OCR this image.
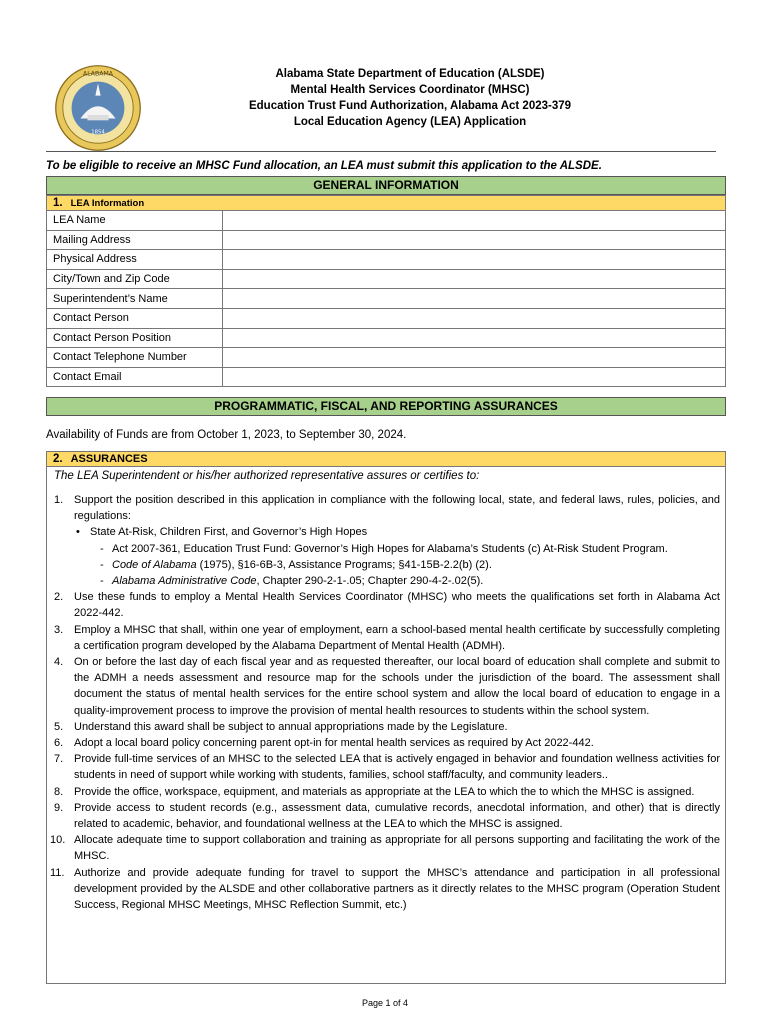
ALABAMA
1854
Alabama State Department of Education (ALSDE)
Mental Health Services Coordinator (MHSC)
Education Trust Fund Authorization, Alabama Act 2023-379
Local Education Agency (LEA) Application
To be eligible to receive an MHSC Fund allocation, an LEA must submit this application to the ALSDE.
GENERAL INFORMATION
1. LEA Information
LEA Name	
Mailing Address	
Physical Address	
City/Town and Zip Code	
Superintendent’s Name	
Contact Person	
Contact Person Position	
Contact Telephone Number	
Contact Email	
PROGRAMMATIC, FISCAL, AND REPORTING ASSURANCES
Availability of Funds are from October 1, 2023, to September 30, 2024.
2. ASSURANCES
The LEA Superintendent or his/her authorized representative assures or certifies to:
1. Support the position described in this application in compliance with the following local, state, and federal laws, rules, policies, and regulations:
• State At-Risk, Children First, and Governor’s High Hopes
- Act 2007-361, Education Trust Fund: Governor’s High Hopes for Alabama’s Students (c) At-Risk Student Program.
- Code of Alabama (1975), §16-6B-3, Assistance Programs; §41-15B-2.2(b) (2).
- Alabama Administrative Code, Chapter 290-2-1-.05; Chapter 290-4-2-.02(5).
2. Use these funds to employ a Mental Health Services Coordinator (MHSC) who meets the qualifications set forth in Alabama Act 2022-442.
3. Employ a MHSC that shall, within one year of employment, earn a school-based mental health certificate by successfully completing a certification program developed by the Alabama Department of Mental Health (ADMH).
4. On or before the last day of each fiscal year and as requested thereafter, our local board of education shall complete and submit to the ADMH a needs assessment and resource map for the schools under the jurisdiction of the board. The assessment shall document the status of mental health services for the entire school system and allow the local board of education to engage in a quality-improvement process to improve the provision of mental health resources to students within the school system.
5. Understand this award shall be subject to annual appropriations made by the Legislature.
6. Adopt a local board policy concerning parent opt-in for mental health services as required by Act 2022-442.
7. Provide full-time services of an MHSC to the selected LEA that is actively engaged in behavior and foundation wellness activities for students in need of support while working with students, families, school staff/faculty, and community leaders..
8. Provide the office, workspace, equipment, and materials as appropriate at the LEA to which the to which the MHSC is assigned.
9. Provide access to student records (e.g., assessment data, cumulative records, anecdotal information, and other) that is directly related to academic, behavior, and foundational wellness at the LEA to which the MHSC is assigned.
10. Allocate adequate time to support collaboration and training as appropriate for all persons supporting and facilitating the work of the MHSC.
11. Authorize and provide adequate funding for travel to support the MHSC’s attendance and participation in all professional development provided by the ALSDE and other collaborative partners as it directly relates to the MHSC program (Operation Student Success, Regional MHSC Meetings, MHSC Reflection Summit, etc.)
Page 1 of 4
